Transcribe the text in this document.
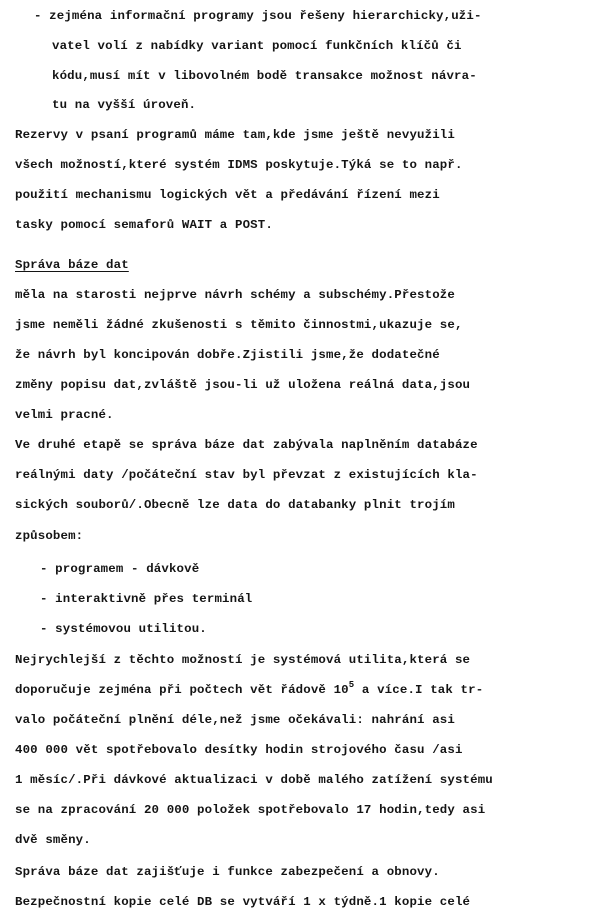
- zejména informační programy jsou řešeny hierarchicky,uži-
vatel volí z nabídky variant pomocí funkčních klíčů či
kódu,musí mít v libovolném bodě transakce možnost návra-
tu na vyšší úroveň.
Rezervy v psaní programů máme tam,kde jsme ještě nevyužili
všech možností,které systém IDMS poskytuje.Týká se to např.
použití mechanismu logických vět a předávání řízení mezi
tasky pomocí semaforů WAIT a POST.
Správa báze dat
měla na starosti nejprve návrh schémy a subschémy.Přestože
jsme neměli žádné zkušenosti s těmito činnostmi,ukazuje se,
že návrh byl koncipován dobře.Zjistili jsme,že dodatečné
změny popisu dat,zvláště jsou-li už uložena reálná data,jsou
velmi pracné.
Ve druhé etapě se správa báze dat zabývala naplněním databáze
reálnými daty /počáteční stav byl převzat z existujících kla-
sických souborů/.Obecně lze data do databanky plnit trojím
způsobem:
- programem - dávkově
- interaktivně přes terminál
- systémovou utilitou.
Nejrychlejší z těchto možností je systémová utilita,která se
doporučuje zejména při počtech vět řádově $10^5$ a více.I tak tr-
valo počáteční plnění déle,než jsme očekávali: nahrání asi
400 000 vět spotřebovalo desítky hodin strojového času /asi
1 měsíc/.Při dávkové aktualizaci v době malého zatížení systému
se na zpracování 20 000 položek spotřebovalo 17 hodin,tedy asi
dvě směny.
Správa báze dat zajišťuje i funkce zabezpečení a obnovy.
Bezpečnostní kopie celé DB se vytváří 1 x týdně.1 kopie celé
